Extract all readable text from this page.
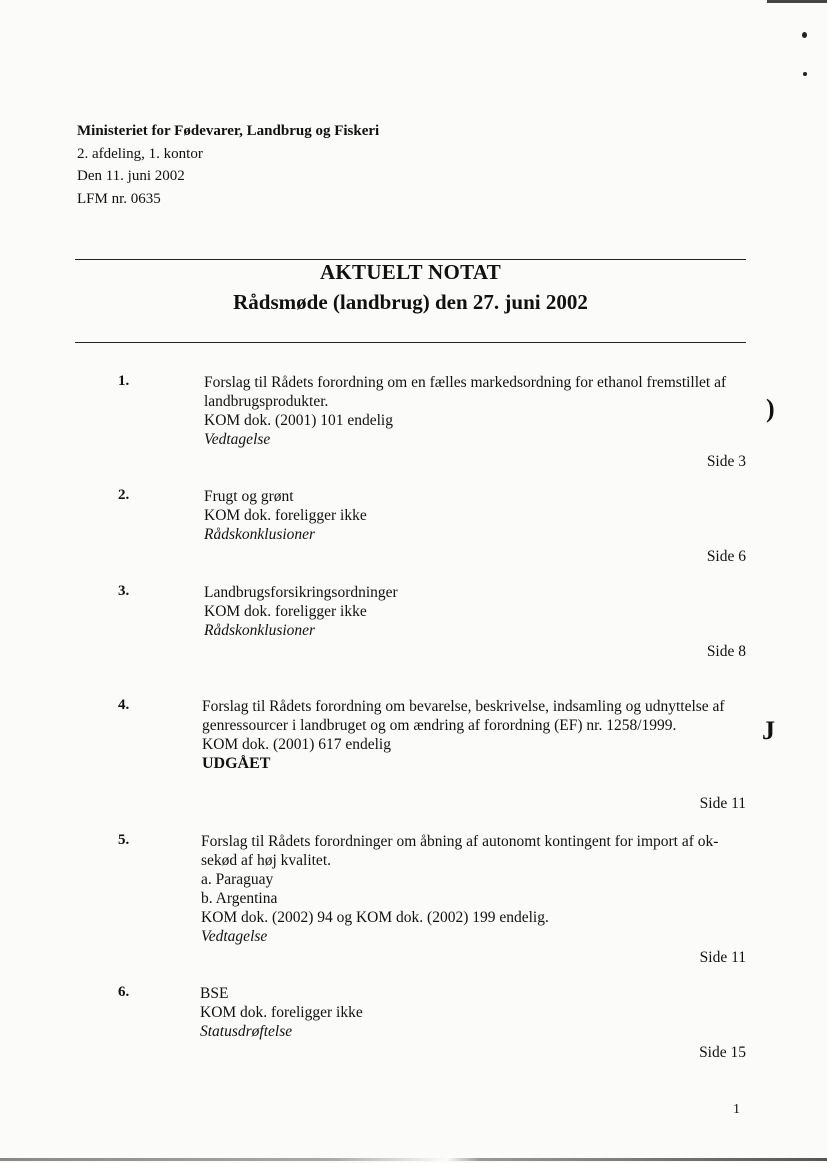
Ministeriet for Fødevarer, Landbrug og Fiskeri
2. afdeling, 1. kontor
Den 11. juni 2002
LFM nr. 0635
AKTUELT NOTAT
Rådsmøde (landbrug) den 27. juni 2002
1.	Forslag til Rådets forordning om en fælles markedsordning for ethanol fremstillet af
landbrugsprodukter.
KOM dok. (2001) 101 endelig
Vedtagelse
Side 3
)
2.	Frugt og grønt
KOM dok. foreligger ikke
Rådskonklusioner
Side 6
3.	Landbrugsforsikringsordninger
KOM dok. foreligger ikke
Rådskonklusioner
Side 8
4.	Forslag til Rådets forordning om bevarelse, beskrivelse, indsamling og udnyttelse af
genressourcer i landbruget og om ændring af forordning (EF) nr. 1258/1999.
KOM dok. (2001) 617 endelig
UDGÅET
Side 11
J
5.	Forslag til Rådets forordninger om åbning af autonomt kontingent for import af ok-
sekød af høj kvalitet.
a. Paraguay
b. Argentina
KOM dok. (2002) 94 og KOM dok. (2002) 199 endelig.
Vedtagelse
Side 11
6.	BSE
KOM dok. foreligger ikke
Statusdrøftelse
Side 15
1
